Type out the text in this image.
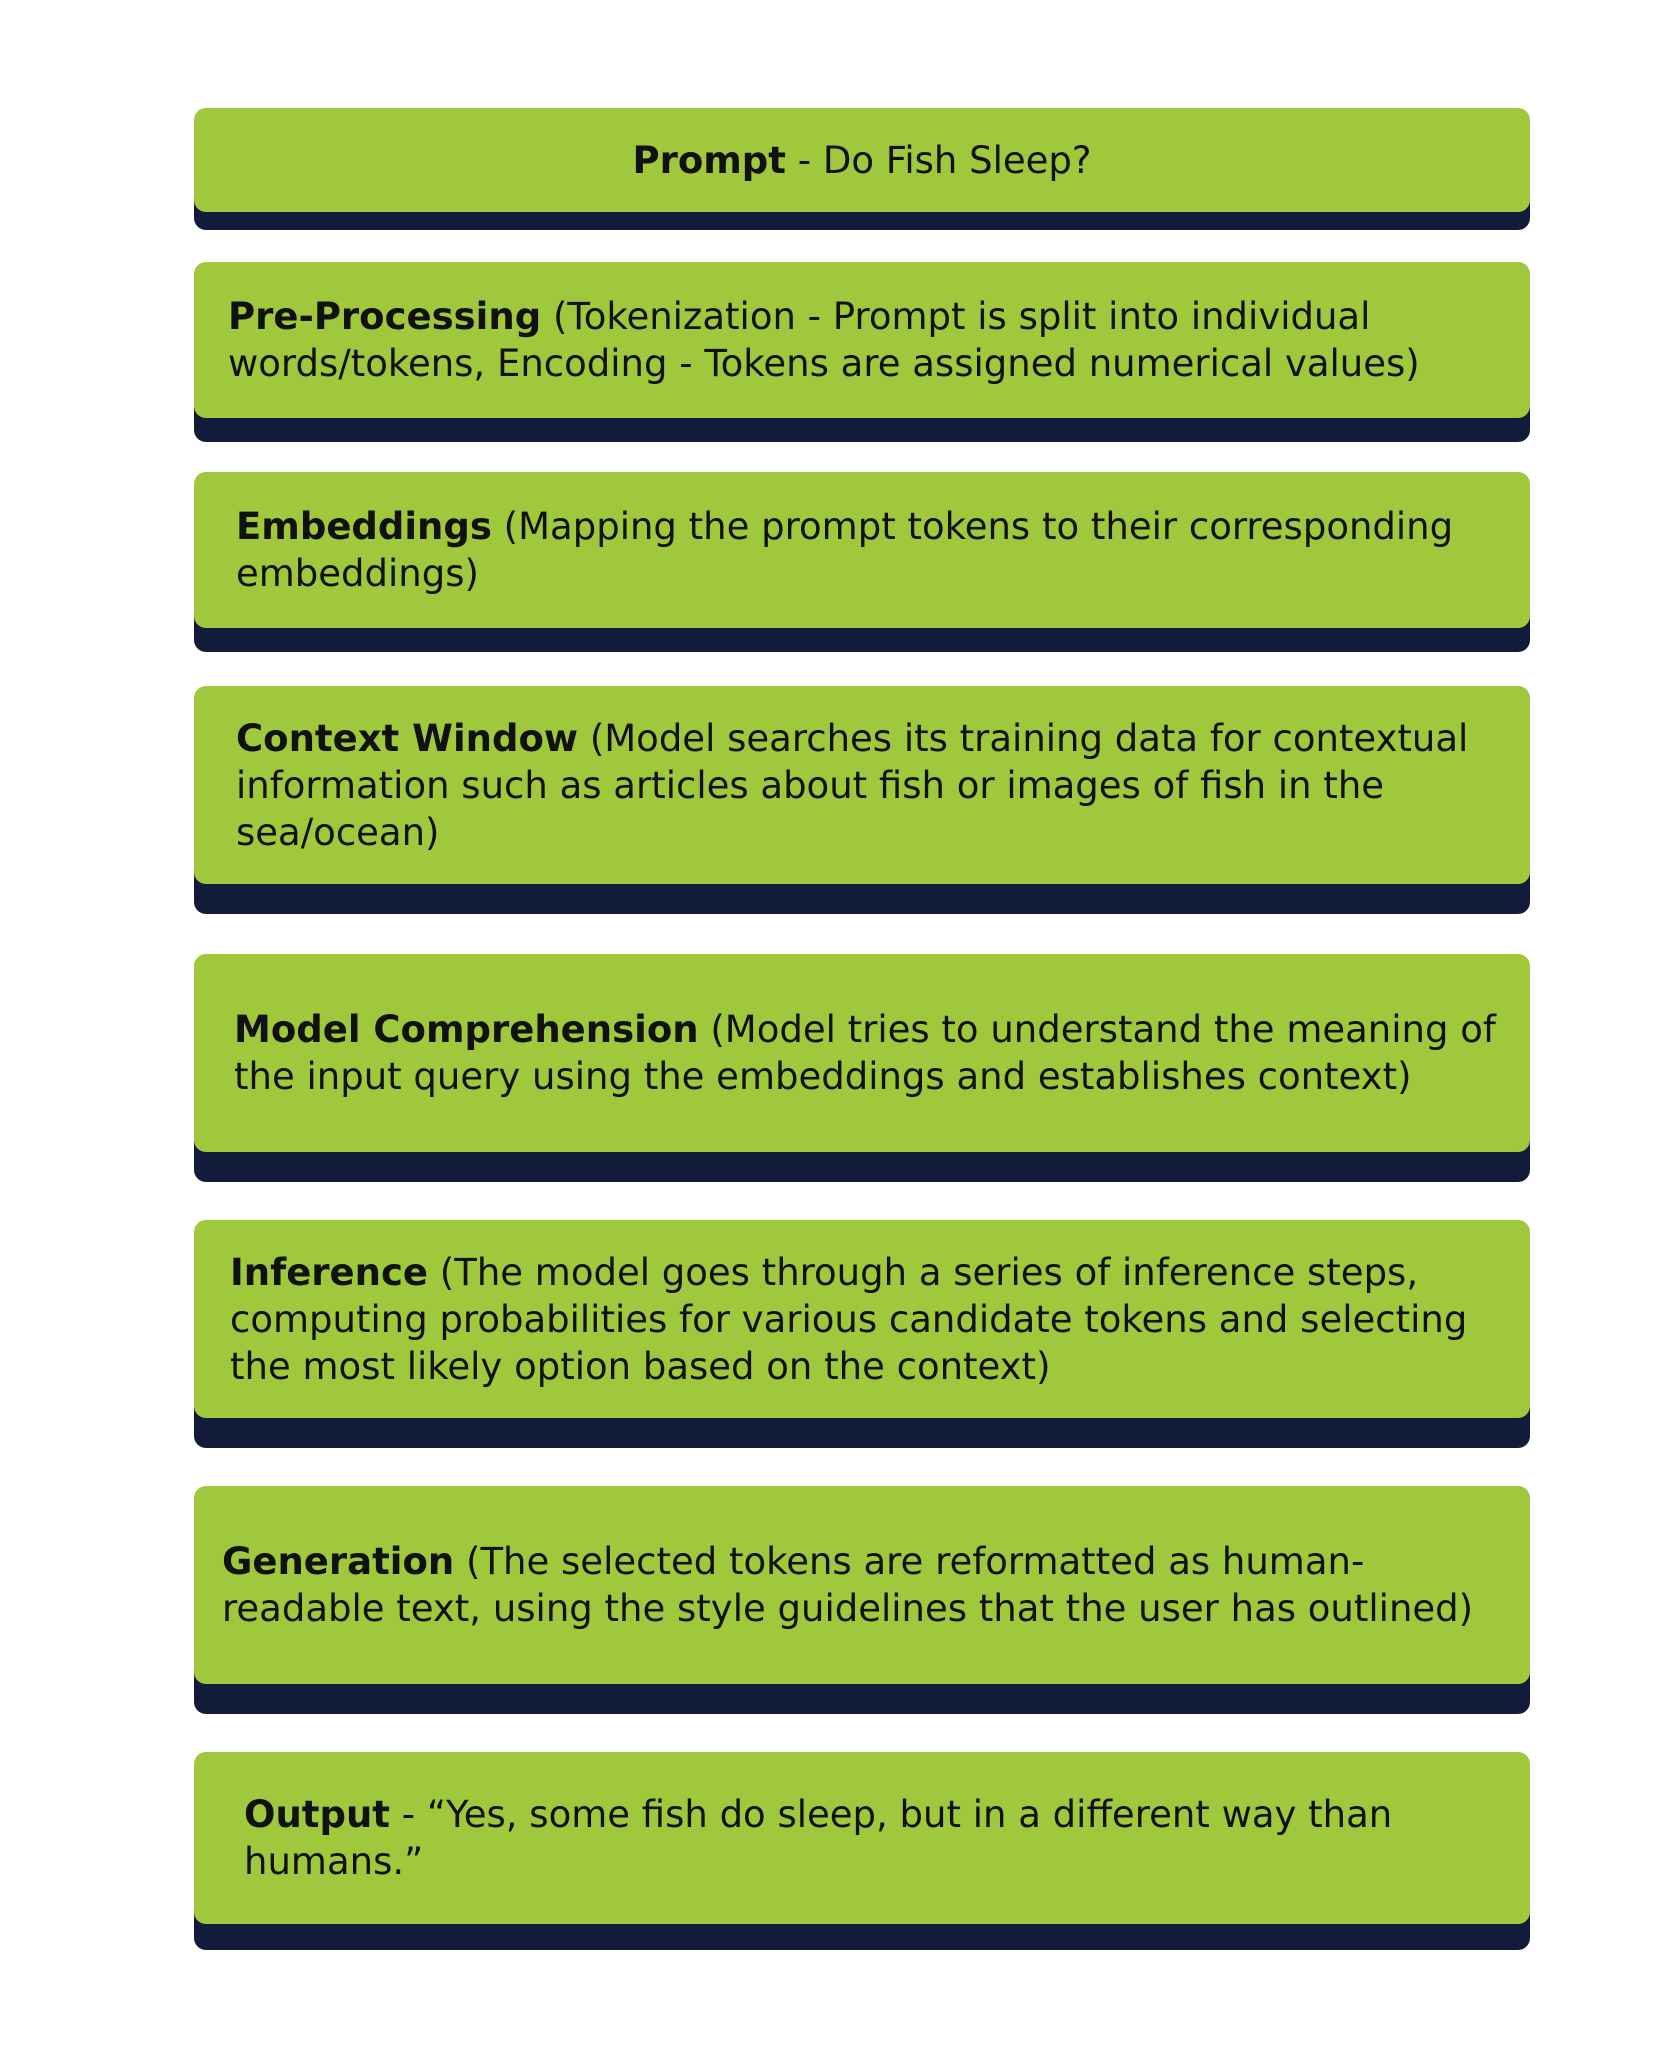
Prompt - Do Fish Sleep?
Pre-Processing (Tokenization - Prompt is split into individual words/tokens, Encoding - Tokens are assigned numerical values)
Embeddings (Mapping the prompt tokens to their corresponding embeddings)
Context Window (Model searches its training data for contextual information such as articles about fish or images of fish in the sea/ocean)
Model Comprehension (Model tries to understand the meaning of the input query using the embeddings and establishes context)
Inference (The model goes through a series of inference steps, computing probabilities for various candidate tokens and selecting the most likely option based on the context)
Generation (The selected tokens are reformatted as human-readable text, using the style guidelines that the user has outlined)
Output - “Yes, some fish do sleep, but in a different way than humans.”
